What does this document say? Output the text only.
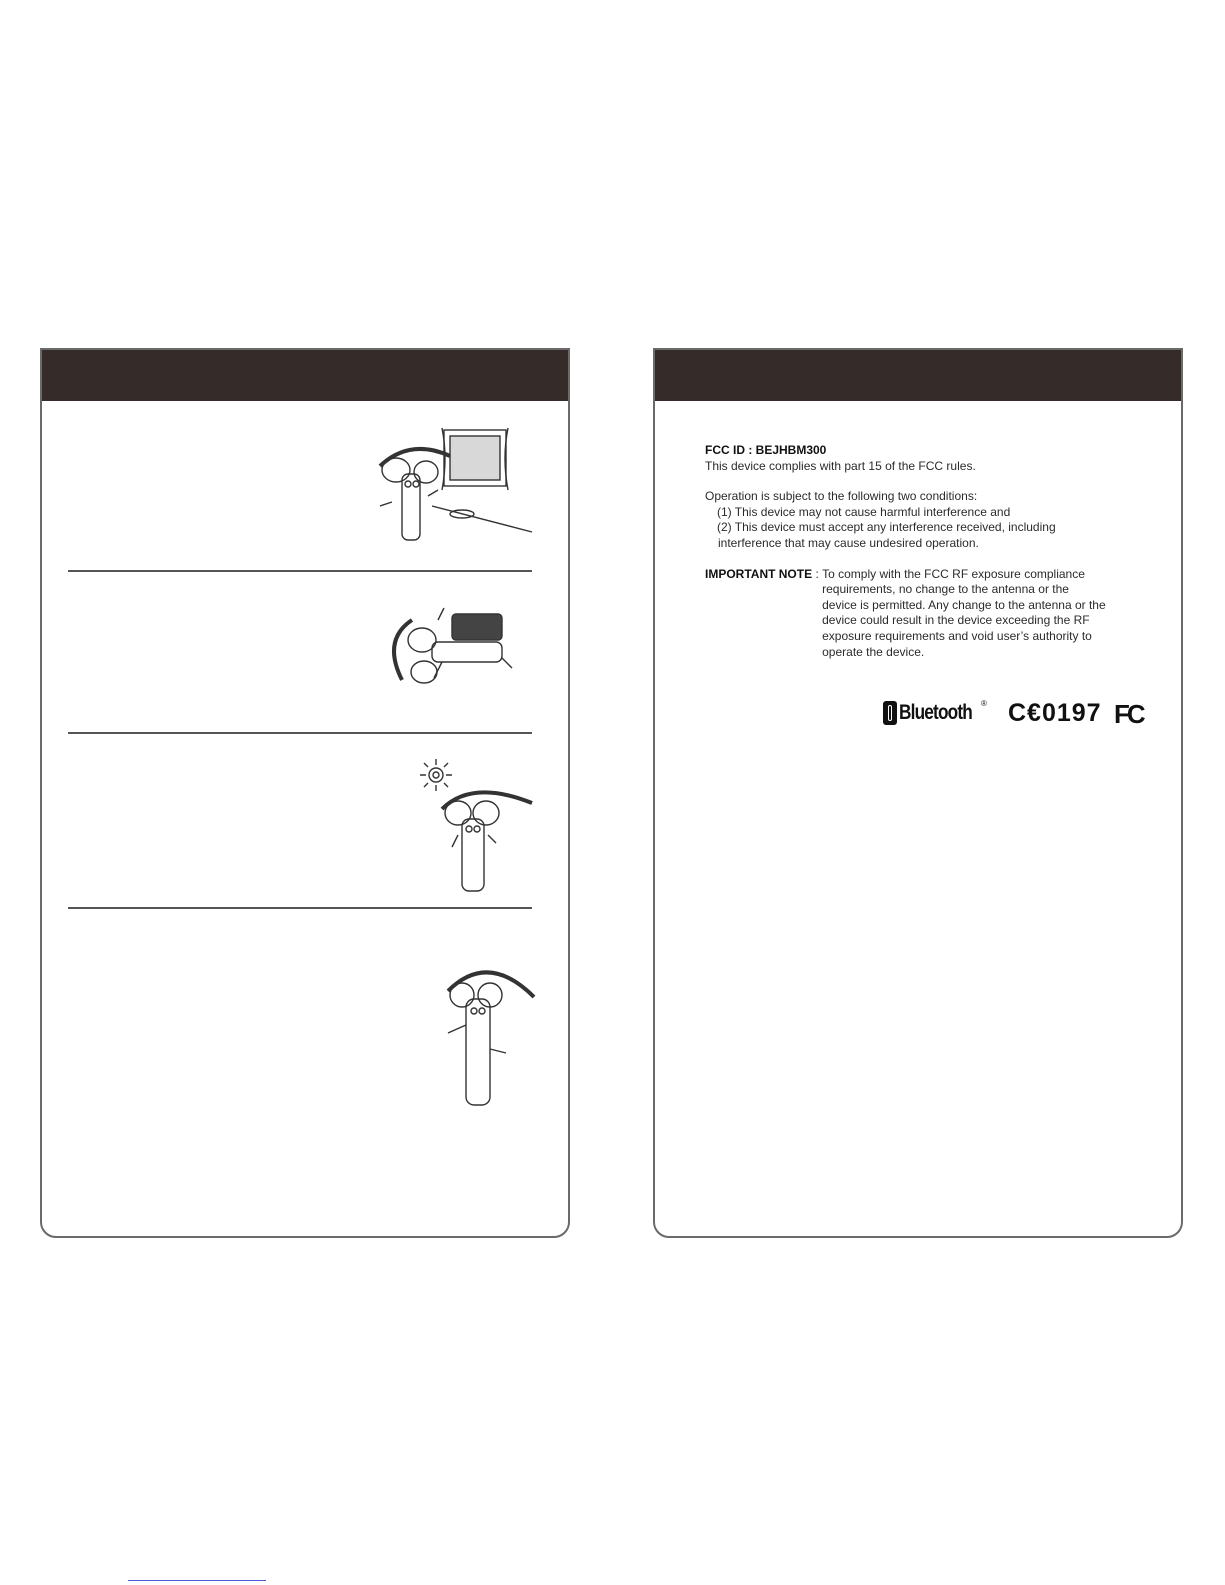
FCC ID : BEJHBM300
This device complies with part 15 of the FCC rules.
Operation is subject to the following two conditions:
(1) This device may not cause harmful interference and
(2) This device must accept any interference received, including
interference that may cause undesired operation.
IMPORTANT NOTE : To comply with the FCC RF exposure compliance
requirements, no change to the antenna or the
device is permitted. Any change to the antenna or the
device could result in the device exceeding the RF
exposure requirements and void user’s authority to
operate the device.
Bluetooth ® C€0197 FC
